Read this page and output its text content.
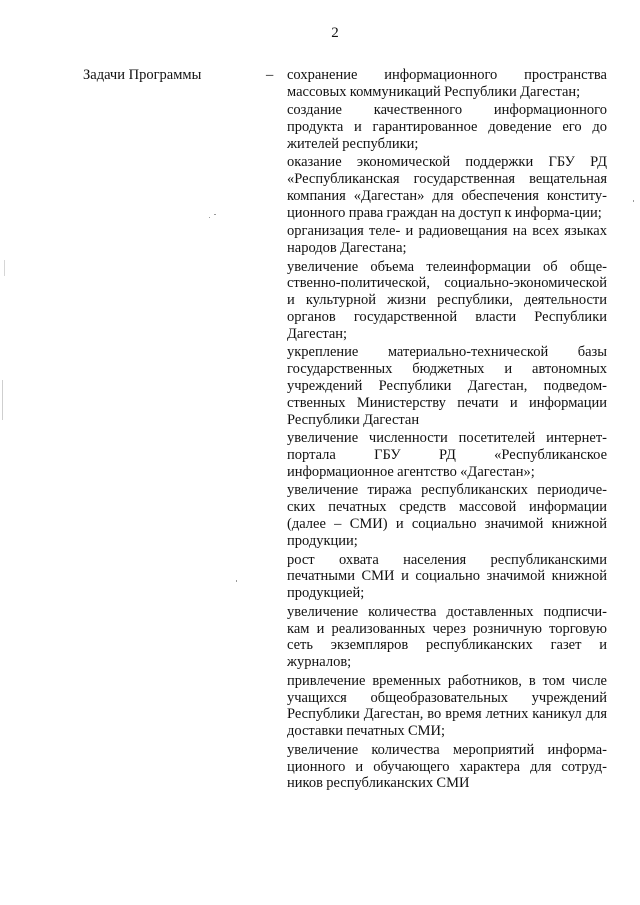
2
Задачи Программы	– сохранение информационного пространства массовых коммуникаций Республики Дагестан;
создание качественного информационного продукта и гарантированное доведение его до жителей республики;
оказание экономической поддержки ГБУ РД «Республиканская государственная вещательная компания «Дагестан» для обеспечения конститу-ционного права граждан на доступ к информа-ции;
организация теле- и радиовещания на всех языках народов Дагестана;
увеличение объема телеинформации об обще-ственно-политической, социально-экономической и культурной жизни республики, деятельности органов государственной власти Республики Дагестан;
укрепление материально-технической базы государственных бюджетных и автономных учреждений Республики Дагестан, подведом-ственных Министерству печати и информации Республики Дагестан
увеличение численности посетителей интернет-портала ГБУ РД «Республиканское информационное агентство «Дагестан»;
увеличение тиража республиканских периодиче-ских печатных средств массовой информации (далее – СМИ) и социально значимой книжной продукции;
рост охвата населения республиканскими печатными СМИ и социально значимой книжной продукцией;
увеличение количества доставленных подписчи-кам и реализованных через розничную торговую сеть экземпляров республиканских газет и журналов;
привлечение временных работников, в том числе учащихся общеобразовательных учреждений Республики Дагестан, во время летних каникул для доставки печатных СМИ;
увеличение количества мероприятий информа-ционного и обучающего характера для сотруд-ников республиканских СМИ
